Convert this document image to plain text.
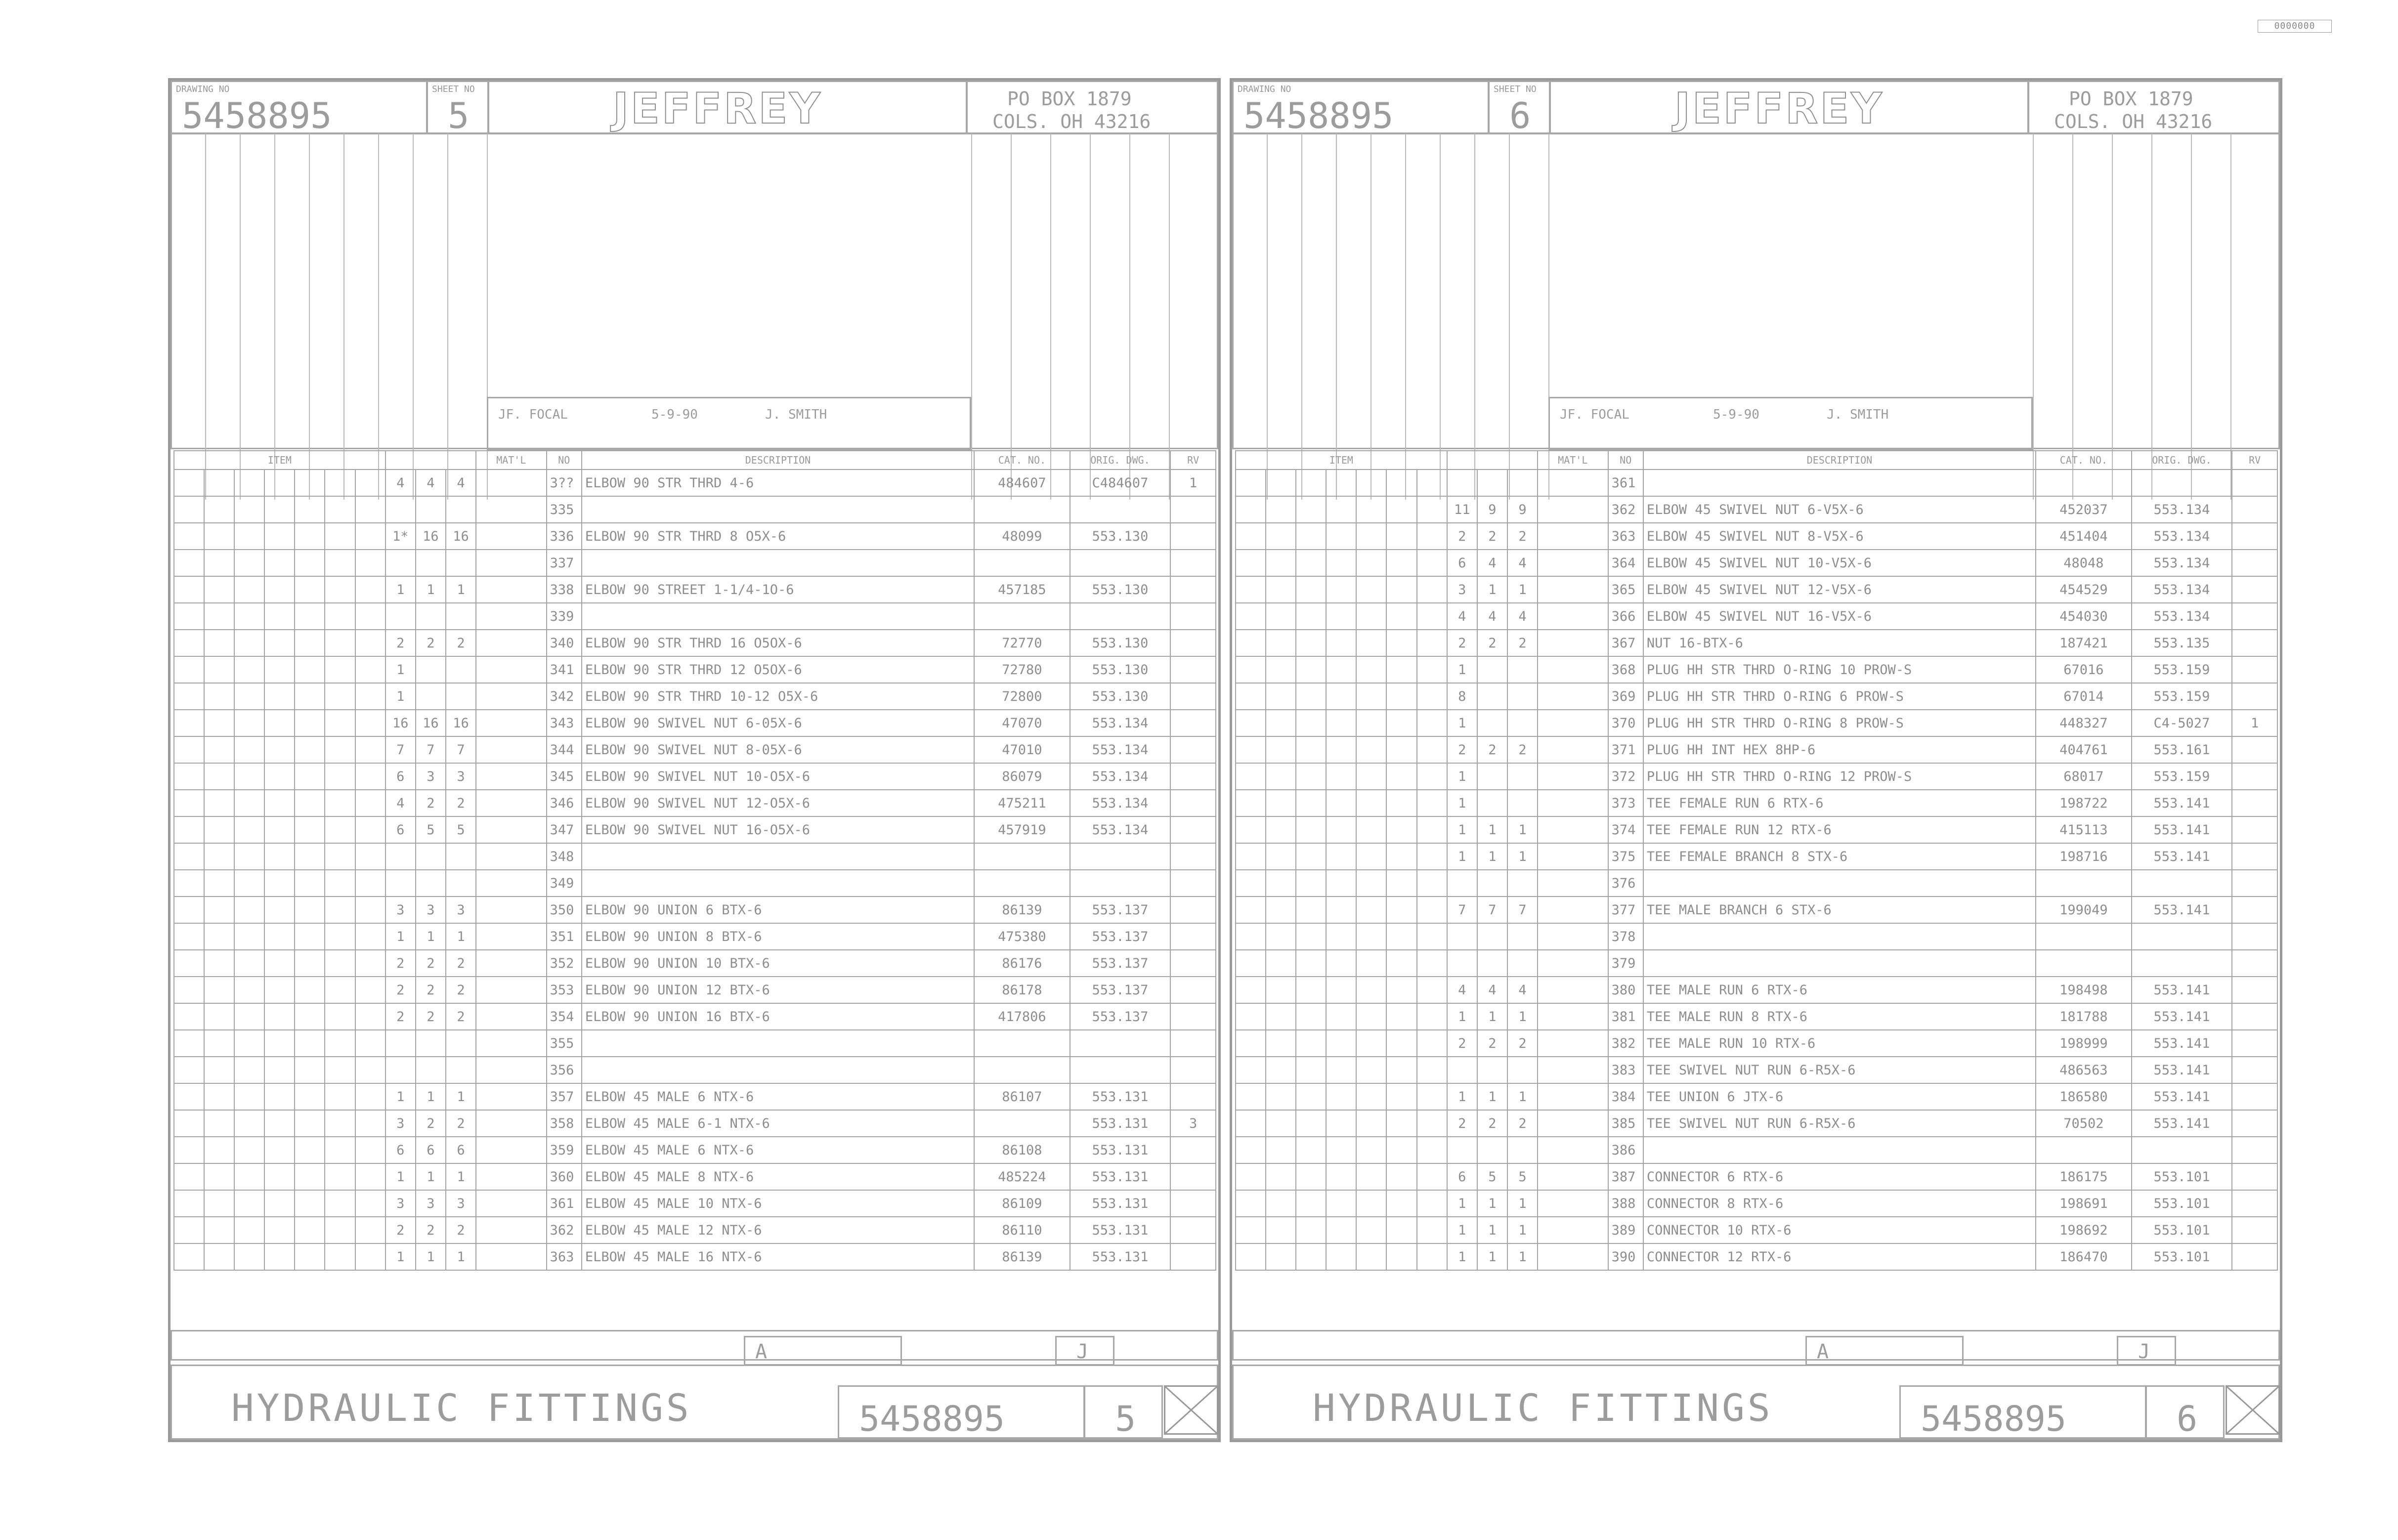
0000000
DRAWING NO
5458895
SHEET NO
5	JEFFREY	PO BOX 1879
COLS. OH 43216
JF. FOCAL	5-9-90	J. SMITH
ITEM										MAT'L	NO	DESCRIPTION	CAT. NO.	ORIG. DWG.	RV
							4	4	4		3??	ELBOW 90 STR THRD 4-6	484607	C484607	1
											335				
							1*	16	16		336	ELBOW 90 STR THRD 8 O5X-6	48099	553.130	
											337				
							1	1	1		338	ELBOW 90 STREET 1-1/4-1O-6	457185	553.130	
											339				
							2	2	2		340	ELBOW 90 STR THRD 16 O5OX-6	72770	553.130	
							1				341	ELBOW 90 STR THRD 12 O5OX-6	72780	553.130	
							1				342	ELBOW 90 STR THRD 10-12 O5X-6	72800	553.130	
							16	16	16		343	ELBOW 90 SWIVEL NUT 6-05X-6	47070	553.134	
							7	7	7		344	ELBOW 90 SWIVEL NUT 8-05X-6	47010	553.134	
							6	3	3		345	ELBOW 90 SWIVEL NUT 10-O5X-6	86079	553.134	
							4	2	2		346	ELBOW 90 SWIVEL NUT 12-O5X-6	475211	553.134	
							6	5	5		347	ELBOW 90 SWIVEL NUT 16-O5X-6	457919	553.134	
											348				
											349				
							3	3	3		350	ELBOW 90 UNION 6 BTX-6	86139	553.137	
							1	1	1		351	ELBOW 90 UNION 8 BTX-6	475380	553.137	
							2	2	2		352	ELBOW 90 UNION 10 BTX-6	86176	553.137	
							2	2	2		353	ELBOW 90 UNION 12 BTX-6	86178	553.137	
							2	2	2		354	ELBOW 90 UNION 16 BTX-6	417806	553.137	
											355				
											356				
							1	1	1		357	ELBOW 45 MALE 6 NTX-6	86107	553.131	
							3	2	2		358	ELBOW 45 MALE 6-1 NTX-6		553.131	3
							6	6	6		359	ELBOW 45 MALE 6 NTX-6	86108	553.131	
							1	1	1		360	ELBOW 45 MALE 8 NTX-6	485224	553.131	
							3	3	3		361	ELBOW 45 MALE 10 NTX-6	86109	553.131	
							2	2	2		362	ELBOW 45 MALE 12 NTX-6	86110	553.131	
							1	1	1		363	ELBOW 45 MALE 16 NTX-6	86139	553.131	
A	J
HYDRAULIC FITTINGS	5458895	5
DRAWING NO
5458895
SHEET NO
6	JEFFREY	PO BOX 1879
COLS. OH 43216
JF. FOCAL	5-9-90	J. SMITH
ITEM										MAT'L	NO	DESCRIPTION	CAT. NO.	ORIG. DWG.	RV
											361				
							11	9	9		362	ELBOW 45 SWIVEL NUT 6-V5X-6	452037	553.134	
							2	2	2		363	ELBOW 45 SWIVEL NUT 8-V5X-6	451404	553.134	
							6	4	4		364	ELBOW 45 SWIVEL NUT 10-V5X-6	48048	553.134	
							3	1	1		365	ELBOW 45 SWIVEL NUT 12-V5X-6	454529	553.134	
							4	4	4		366	ELBOW 45 SWIVEL NUT 16-V5X-6	454030	553.134	
							2	2	2		367	NUT 16-BTX-6	187421	553.135	
							1				368	PLUG HH STR THRD O-RING 10 PROW-S	67016	553.159	
							8				369	PLUG HH STR THRD O-RING 6 PROW-S	67014	553.159	
							1				370	PLUG HH STR THRD O-RING 8 PROW-S	448327	C4-5027	1
							2	2	2		371	PLUG HH INT HEX 8HP-6	404761	553.161	
							1				372	PLUG HH STR THRD O-RING 12 PROW-S	68017	553.159	
							1				373	TEE FEMALE RUN 6 RTX-6	198722	553.141	
							1	1	1		374	TEE FEMALE RUN 12 RTX-6	415113	553.141	
							1	1	1		375	TEE FEMALE BRANCH 8 STX-6	198716	553.141	
											376				
							7	7	7		377	TEE MALE BRANCH 6 STX-6	199049	553.141	
											378				
											379				
							4	4	4		380	TEE MALE RUN 6 RTX-6	198498	553.141	
							1	1	1		381	TEE MALE RUN 8 RTX-6	181788	553.141	
							2	2	2		382	TEE MALE RUN 10 RTX-6	198999	553.141	
											383	TEE SWIVEL NUT RUN 6-R5X-6	486563	553.141	
							1	1	1		384	TEE UNION 6 JTX-6	186580	553.141	
							2	2	2		385	TEE SWIVEL NUT RUN 6-R5X-6	70502	553.141	
											386				
							6	5	5		387	CONNECTOR 6 RTX-6	186175	553.101	
							1	1	1		388	CONNECTOR 8 RTX-6	198691	553.101	
							1	1	1		389	CONNECTOR 10 RTX-6	198692	553.101	
							1	1	1		390	CONNECTOR 12 RTX-6	186470	553.101	
A	J
HYDRAULIC FITTINGS	5458895	6
